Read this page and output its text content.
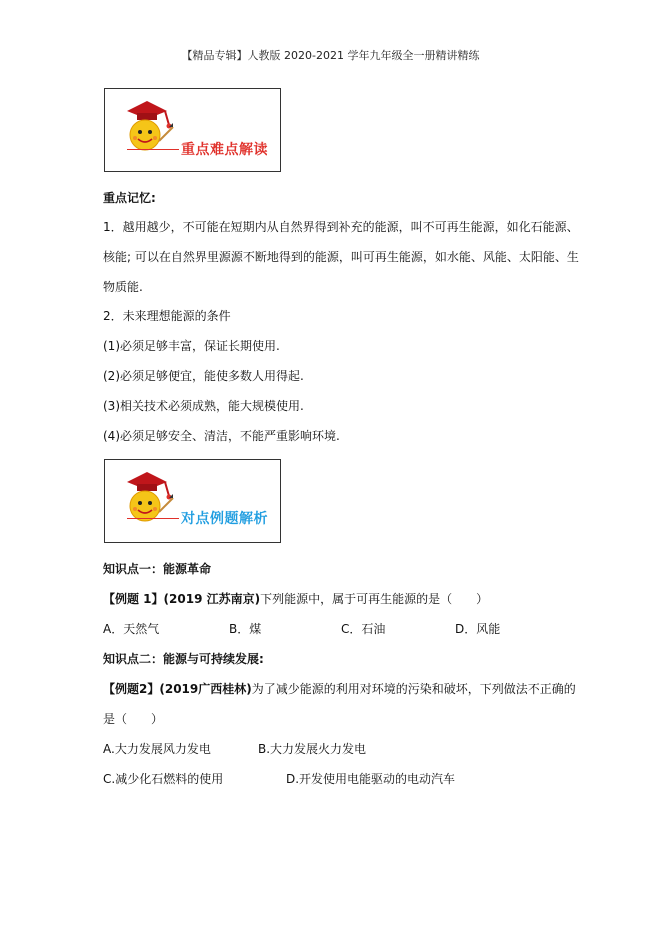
【精品专辑】人教版 2020-2021 学年九年级全一册精讲精练
重点难点解读
重点记忆:
1．越用越少，不可能在短期内从自然界得到补充的能源，叫不可再生能源，如化石能源、
核能; 可以在自然界里源源不断地得到的能源，叫可再生能源，如水能、风能、太阳能、生
物质能.
2．未来理想能源的条件
(1)必须足够丰富，保证长期使用.
(2)必须足够便宜，能使多数人用得起.
(3)相关技术必须成熟，能大规模使用.
(4)必须足够安全、清洁，不能严重影响环境.
对点例题解析
知识点一：能源革命
【例题 1】(2019 江苏南京)下列能源中，属于可再生能源的是（　　）
A．天然气	B．煤	C．石油	D．风能
知识点二：能源与可持续发展:
【例题2】(2019广西桂林)为了减少能源的利用对环境的污染和破坏，下列做法不正确的
是（　　）
A.大力发展风力发电	B.大力发展火力发电
C.减少化石燃料的使用	D.开发使用电能驱动的电动汽车
